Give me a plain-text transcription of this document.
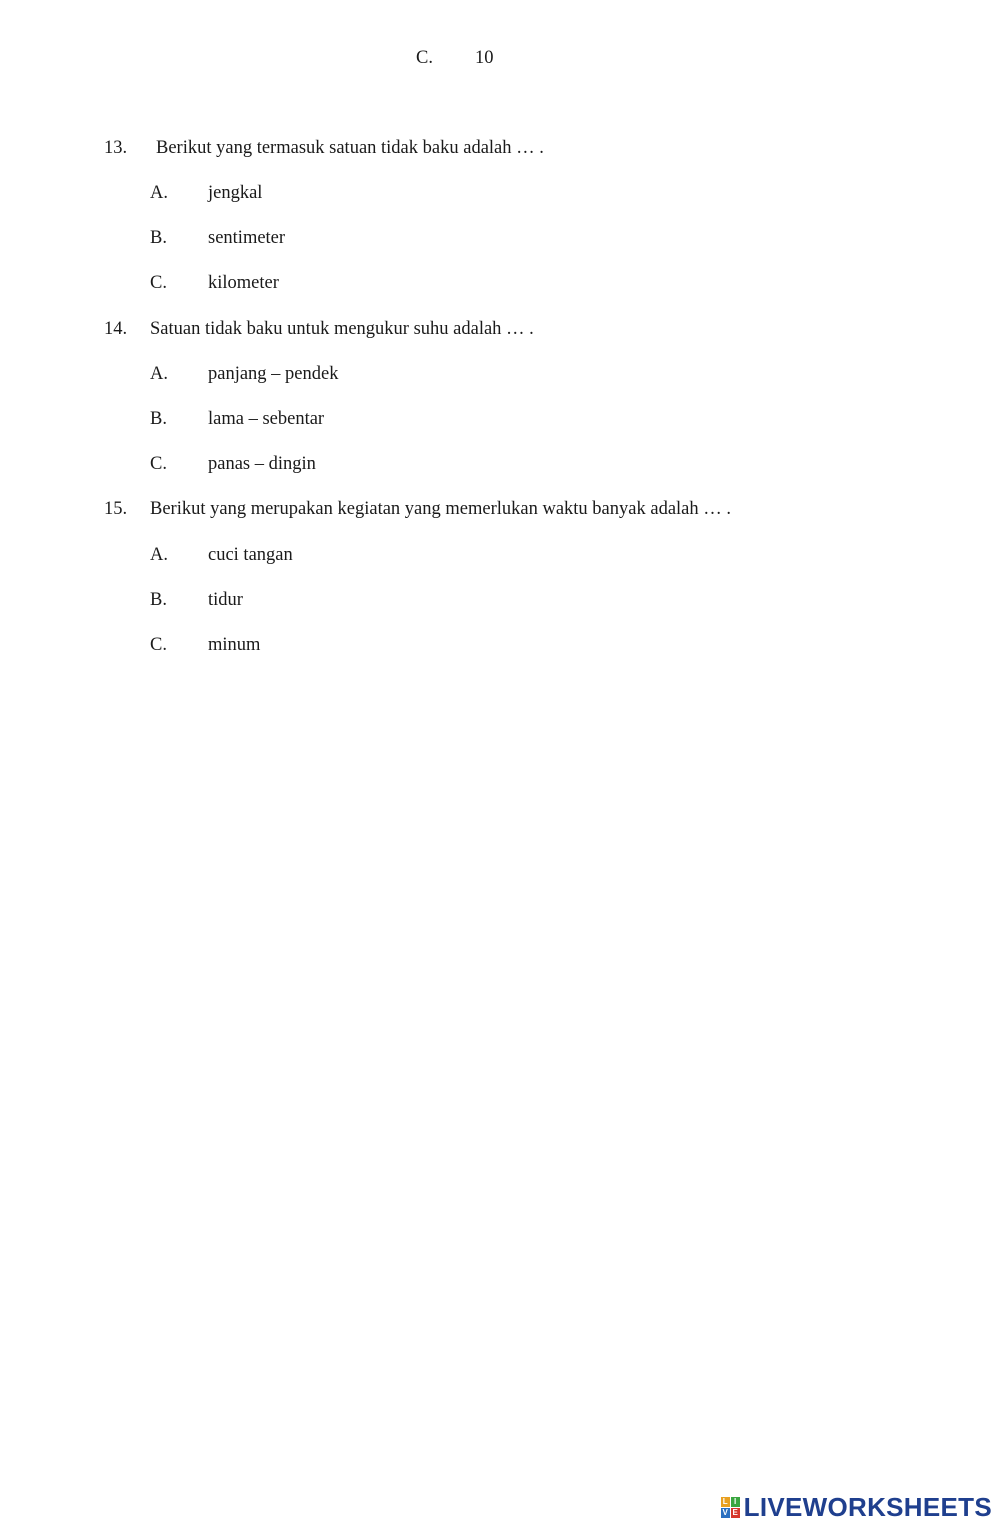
C. 10
13. Berikut yang termasuk satuan tidak baku adalah … .
A. jengkal
B. sentimeter
C. kilometer
14. Satuan tidak baku untuk mengukur suhu adalah … .
A. panjang – pendek
B. lama – sebentar
C. panas – dingin
15. Berikut yang merupakan kegiatan yang memerlukan waktu banyak adalah … .
A. cuci tangan
B. tidur
C. minum
L I
V E LIVEWORKSHEETS
